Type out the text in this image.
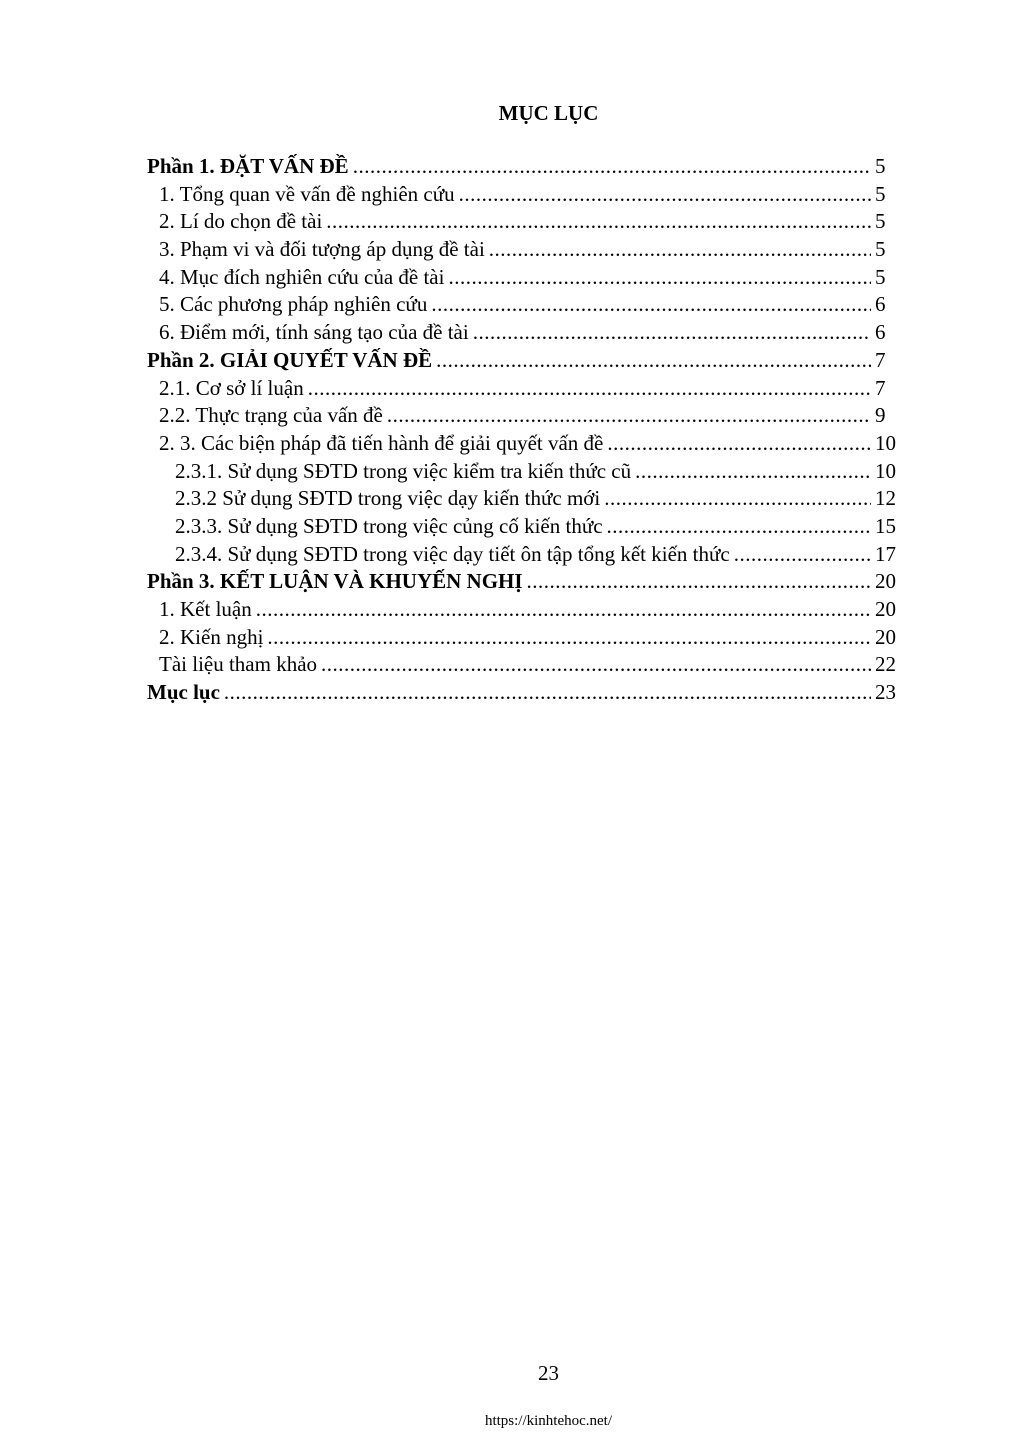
MỤC LỤC
Phần 1. ĐẶT VẤN ĐỀ .....	5
1. Tổng quan về vấn đề nghiên cứu .....	5
2. Lí do chọn đề tài .....	5
3. Phạm vi và đối tượng áp dụng đề tài .....	5
4. Mục đích nghiên cứu của đề tài .....	5
5. Các phương pháp nghiên cứu .....	6
6. Điểm mới, tính sáng tạo của đề tài .....	6
Phần 2. GIẢI QUYẾT VẤN ĐỀ .....	7
2.1. Cơ sở lí luận .....	7
2.2. Thực trạng của vấn đề .....	9
2. 3. Các biện pháp đã tiến hành để giải quyết vấn đề .....	10
2.3.1. Sử dụng SĐTD trong việc kiểm tra kiến thức cũ .....	10
2.3.2 Sử dụng SĐTD trong việc dạy kiến thức mới .....	12
2.3.3. Sử dụng SĐTD trong việc củng cố kiến thức .....	15
2.3.4. Sử dụng SĐTD trong việc dạy tiết ôn tập tổng kết kiến thức .....	17
Phần 3. KẾT LUẬN VÀ KHUYẾN NGHỊ .....	20
1. Kết luận .....	20
2. Kiến nghị .....	20
Tài liệu tham khảo .....	22
Mục lục .....	23
23
https://kinhtehoc.net/
